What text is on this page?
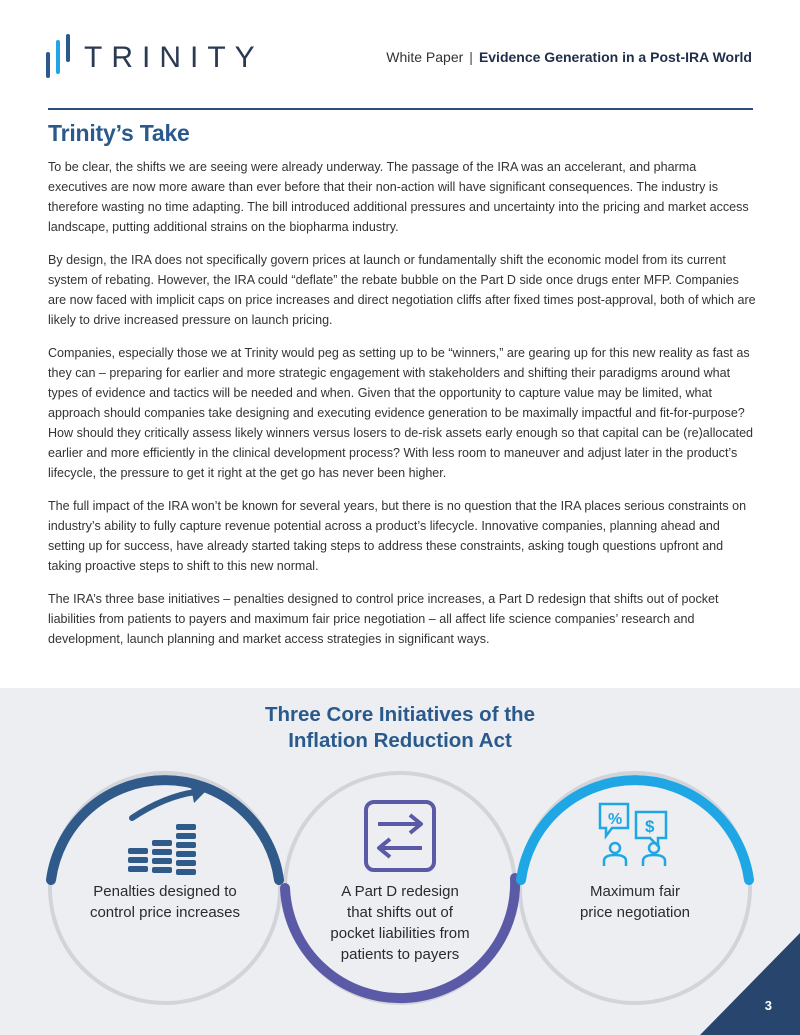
TRINITY	White Paper | Evidence Generation in a Post-IRA World
Trinity’s Take

To be clear, the shifts we are seeing were already underway. The passage of the IRA was an accelerant, and pharma executives are now more aware than ever before that their non-action will have significant consequences. The industry is therefore wasting no time adapting. The bill introduced additional pressures and uncertainty into the pricing and market access landscape, putting additional strains on the biopharma industry.

By design, the IRA does not specifically govern prices at launch or fundamentally shift the economic model from its current system of rebating. However, the IRA could “deflate” the rebate bubble on the Part D side once drugs enter MFP. Companies are now faced with implicit caps on price increases and direct negotiation cliffs after fixed times post-approval, both of which are likely to drive increased pressure on launch pricing.

Companies, especially those we at Trinity would peg as setting up to be “winners,” are gearing up for this new reality as fast as they can – preparing for earlier and more strategic engagement with stakeholders and shifting their paradigms around what types of evidence and tactics will be needed and when. Given that the opportunity to capture value may be limited, what approach should companies take designing and executing evidence generation to be maximally impactful and fit-for-purpose? How should they critically assess likely winners versus losers to de-risk assets early enough so that capital can be (re)allocated earlier and more efficiently in the clinical development process? With less room to maneuver and adjust later in the product’s lifecycle, the pressure to get it right at the get go has never been higher.

The full impact of the IRA won’t be known for several years, but there is no question that the IRA places serious constraints on industry’s ability to fully capture revenue potential across a product’s lifecycle. Innovative companies, planning ahead and setting up for success, have already started taking steps to address these constraints, asking tough questions upfront and taking proactive steps to shift to this new normal.

The IRA’s three base initiatives – penalties designed to control price increases, a Part D redesign that shifts out of pocket liabilities from patients to payers and maximum fair price negotiation – all affect life science companies’ research and development, launch planning and market access strategies in significant ways.

Three Core Initiatives of the
Inflation Reduction Act
% $
Penalties designed to
control price increases
A Part D redesign
that shifts out of
pocket liabilities from
patients to payers
Maximum fair
price negotiation
3
